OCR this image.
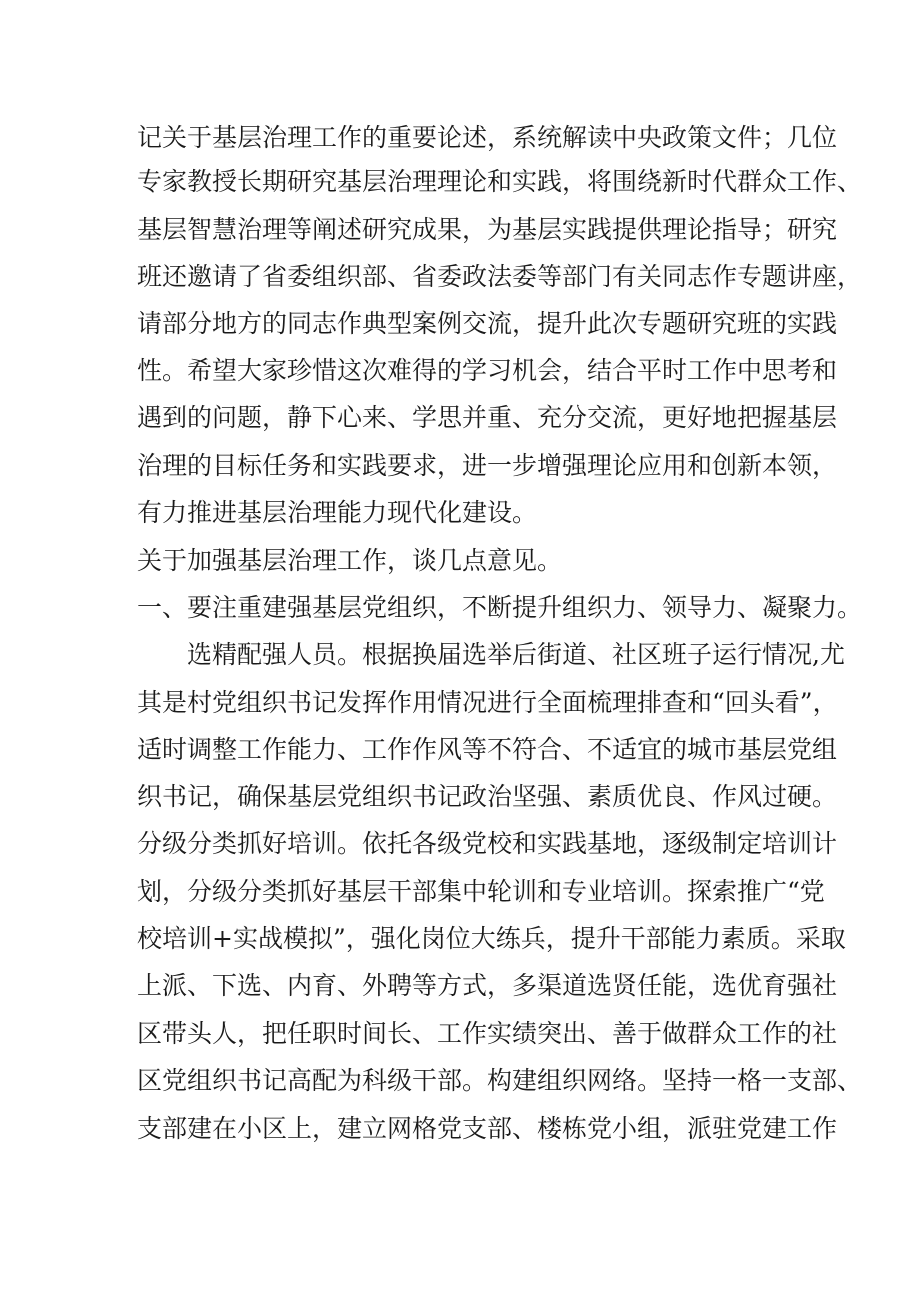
记关于基层治理工作的重要论述，系统解读中央政策文件；几位
专家教授长期研究基层治理理论和实践，将围绕新时代群众工作、
基层智慧治理等阐述研究成果，为基层实践提供理论指导；研究
班还邀请了省委组织部、省委政法委等部门有关同志作专题讲座，
请部分地方的同志作典型案例交流，提升此次专题研究班的实践
性。希望大家珍惜这次难得的学习机会，结合平时工作中思考和
遇到的问题，静下心来、学思并重、充分交流，更好地把握基层
治理的目标任务和实践要求，进一步增强理论应用和创新本领，
有力推进基层治理能力现代化建设。
关于加强基层治理工作，谈几点意见。
一、要注重建强基层党组织，不断提升组织力、领导力、凝聚力。
选精配强人员。根据换届选举后街道、社区班子运行情况,尤
其是村党组织书记发挥作用情况进行全面梳理排查和“回头看”，
适时调整工作能力、工作作风等不符合、不适宜的城市基层党组
织书记，确保基层党组织书记政治坚强、素质优良、作风过硬。
分级分类抓好培训。依托各级党校和实践基地，逐级制定培训计
划，分级分类抓好基层干部集中轮训和专业培训。探索推广“党
校培训+实战模拟”，强化岗位大练兵，提升干部能力素质。采取
上派、下选、内育、外聘等方式，多渠道选贤任能，选优育强社
区带头人，把任职时间长、工作实绩突出、善于做群众工作的社
区党组织书记高配为科级干部。构建组织网络。坚持一格一支部、
支部建在小区上，建立网格党支部、楼栋党小组，派驻党建工作
